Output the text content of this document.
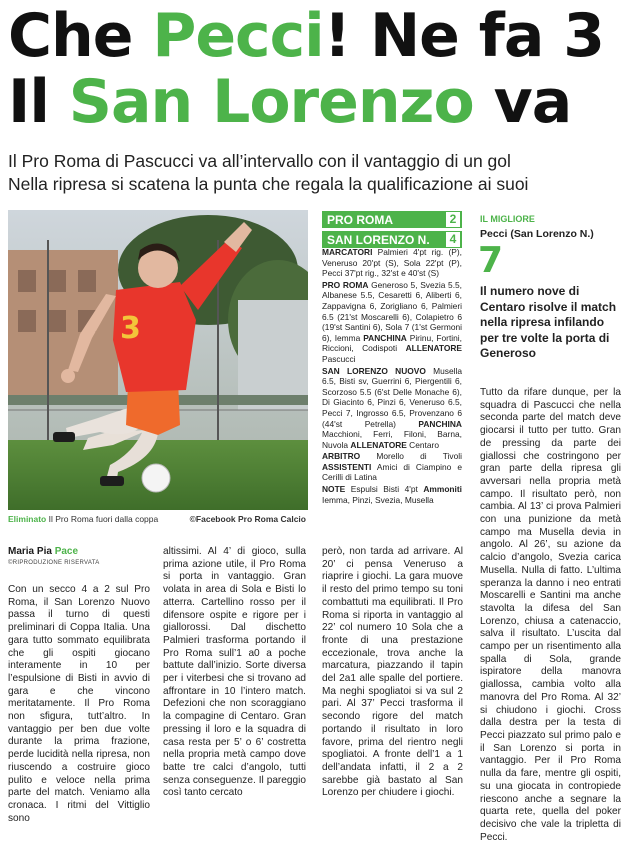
Che Pecci! Ne fa 3
Il San Lorenzo va
Il Pro Roma di Pascucci va all’intervallo con il vantaggio di un gol
Nella ripresa si scatena la punta che regala la qualificazione ai suoi
3
Eliminato Il Pro Roma fuori dalla coppa	©Facebook Pro Roma Calcio
PRO ROMA	2
SAN LORENZO N.	4

MARCATORI Palmieri 4'pt rig. (P), Veneruso 20'pt (S), Sola 22'pt (P), Pecci 37'pt rig., 32'st e 40'st (S)

PRO ROMA Generoso 5, Svezia 5.5, Albanese 5.5, Cesaretti 6, Aliberti 6, Zappavigna 6, Zorigliano 6, Palmieri 6.5 (21'st Moscarelli 6), Colapietro 6 (19'st Santini 6), Sola 7 (1'st Germoni 6), Iemma PANCHINA Pirinu, Fortini, Riccioni, Codispoti ALLENATORE Pascucci

SAN LORENZO NUOVO Musella 6.5, Bisti sv, Guerrini 6, Piergentili 6, Scorzoso 5.5 (6'st Delle Monache 6), Di Giacinto 6, Pinzi 6, Veneruso 6.5, Pecci 7, Ingrosso 6.5, Provenzano 6 (44'st Petrella)	PANCHINA Macchioni, Ferri, Filoni, Barna, Nuvola ALLENATORE Centaro

ARBITRO Morello di Tivoli ASSISTENTI Amici di Ciampino e Cerilli di Latina

NOTE Espulsi Bisti 4'pt Ammoniti Iemma, Pinzi, Svezia, Musella

IL MIGLIORE
Pecci (San Lorenzo N.)
7
Il numero nove di Centaro risolve il match nella ripresa infilando per tre volte la porta di Generoso
Maria Pia Pace
©RIPRODUZIONE RISERVATA
Con un secco 4 a 2 sul Pro Roma, il San Lorenzo Nuovo passa il turno di questi preliminari di Coppa Italia. Una gara tutto sommato equilibrata che gli ospiti giocano interamente in 10 per l’espulsione di Bisti in avvio di gara e che vincono meritatamente. Il Pro Roma non sfigura, tutt’altro. In vantaggio per ben due volte durante la prima frazione, perde lucidità nella ripresa, non riuscendo a costruire gioco pulito e veloce nella prima parte del match. Veniamo alla cronaca. I ritmi del Vittiglio sono
altissimi. Al 4’ di gioco, sulla prima azione utile, il Pro Roma si porta in vantaggio. Gran volata in area di Sola e Bisti lo atterra. Cartellino rosso per il difensore ospite e rigore per i giallorossi. Dal dischetto Palmieri trasforma portando il Pro Roma sull’1 a0 a poche battute dall’inizio. Sorte diversa per i viterbesi che si trovano ad affrontare in 10 l’intero match. Defezioni che non scoraggiano la compagine di Centaro. Gran pressing il loro e la squadra di casa resta per 5’ o 6’ costretta nella propria metà campo dove batte tre calci d’angolo, tutti senza conseguenze. Il pareggio così tanto cercato
però, non tarda ad arrivare. Al 20’ ci pensa Veneruso a riaprire i giochi. La gara muove il resto del primo tempo su toni combattuti ma equilibrati. Il Pro Roma si riporta in vantaggio al 22’ col numero 10 Sola che a fronte di una prestazione eccezionale, trova anche la marcatura, piazzando il tapin del 2a1 alle spalle del portiere. Ma neghi spogliatoi si va sul 2 pari. Al 37’ Pecci trasforma il secondo rigore del match portando il risultato in loro favore, prima del rientro negli spogliatoi. A fronte dell’1 a 1 dell’andata infatti, il 2 a 2 sarebbe già bastato al San Lorenzo per chiudere i giochi.
Tutto da rifare dunque, per la squadra di Pascucci che nella seconda parte del match deve giocarsi il tutto per tutto. Gran de pressing da parte dei giallossi che costringono per gran parte della ripresa gli avversari nella propria metà campo. Il risultato però, non cambia. Al 13’ ci prova Palmieri con una punizione da metà campo ma Musella devia in angolo. Al 26’, su azione da calcio d’angolo, Svezia carica Musella. Nulla di fatto. L’ultima speranza la danno i neo entrati Moscarelli e Santini ma anche stavolta la difesa del San Lorenzo, chiusa a catenaccio, salva il risultato. L’uscita dal campo per un risentimento alla spalla di Sola, grande ispiratore della manovra giallossa, cambia volto alla manovra del Pro Roma. Al 32’ si chiudono i giochi. Cross dalla destra per la testa di Pecci piazzato sul primo palo e il San Lorenzo si porta in vantaggio. Per il Pro Roma nulla da fare, mentre gli ospiti, su una giocata in contropiede riescono anche a segnare la quarta rete, quella del poker decisivo che vale la tripletta di Pecci.
